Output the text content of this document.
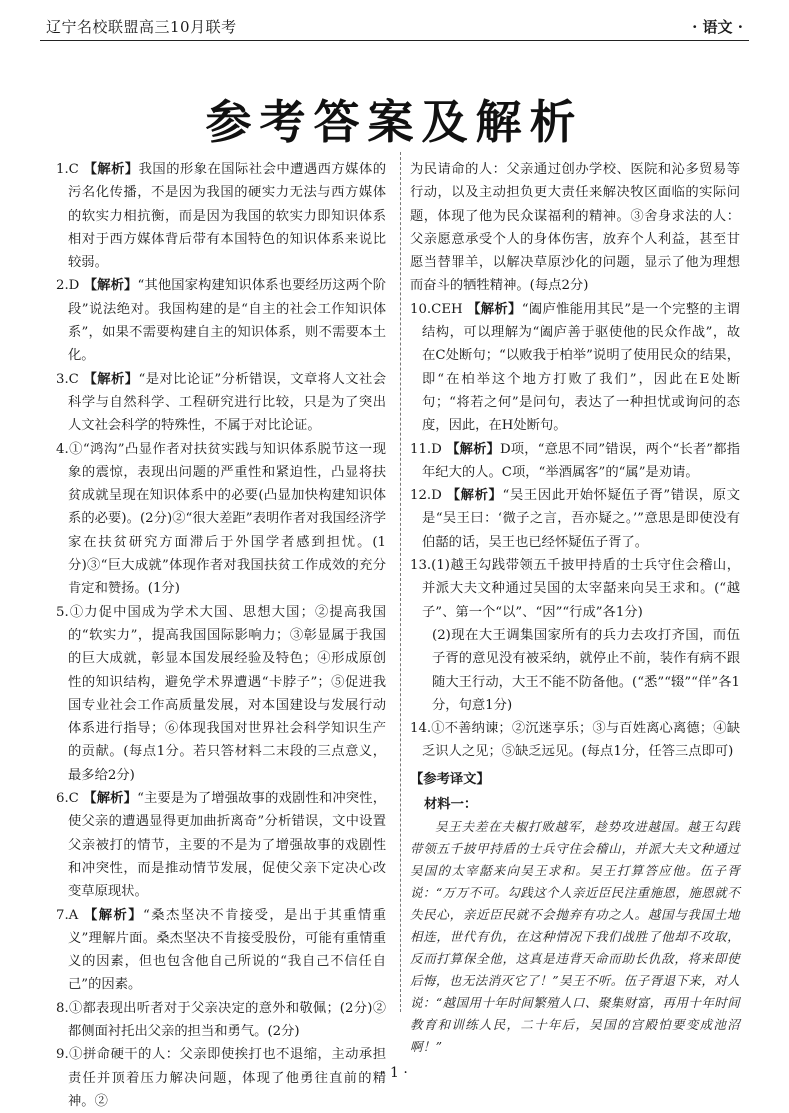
辽宁名校联盟高三10月联考	· 语文 ·
参考答案及解析

1.C 【解析】我国的形象在国际社会中遭遇西方媒体的污名化传播，不是因为我国的硬实力无法与西方媒体的软实力相抗衡，而是因为我国的软实力即知识体系相对于西方媒体背后带有本国特色的知识体系来说比较弱。

2.D 【解析】“其他国家构建知识体系也要经历这两个阶段”说法绝对。我国构建的是“自主的社会工作知识体系”，如果不需要构建自主的知识体系，则不需要本土化。

3.C 【解析】“是对比论证”分析错误，文章将人文社会科学与自然科学、工程研究进行比较，只是为了突出人文社会科学的特殊性，不属于对比论证。

4.①“鸿沟”凸显作者对扶贫实践与知识体系脱节这一现象的震惊，表现出问题的严重性和紧迫性，凸显将扶贫成就呈现在知识体系中的必要(凸显加快构建知识体系的必要)。(2分)②“很大差距”表明作者对我国经济学家在扶贫研究方面滞后于外国学者感到担忧。(1分)③“巨大成就”体现作者对我国扶贫工作成效的充分肯定和赞扬。(1分)

5.①力促中国成为学术大国、思想大国；②提高我国的“软实力”，提高我国国际影响力；③彰显属于我国的巨大成就，彰显本国发展经验及特色；④形成原创性的知识结构，避免学术界遭遇“卡脖子”；⑤促进我国专业社会工作高质量发展，对本国建设与发展行动体系进行指导；⑥体现我国对世界社会科学知识生产的贡献。(每点1分。若只答材料二末段的三点意义，最多给2分)

6.C 【解析】“主要是为了增强故事的戏剧性和冲突性，使父亲的遭遇显得更加曲折离奇”分析错误，文中设置父亲被打的情节，主要的不是为了增强故事的戏剧性和冲突性，而是推动情节发展，促使父亲下定决心改变草原现状。

7.A 【解析】“桑杰坚决不肯接受，是出于其重情重义”理解片面。桑杰坚决不肯接受股份，可能有重情重义的因素，但也包含他自己所说的“我自己不信任自己”的因素。

8.①都表现出听者对于父亲决定的意外和敬佩；(2分)②都侧面衬托出父亲的担当和勇气。(2分)

9.①拼命硬干的人：父亲即使挨打也不退缩，主动承担责任并顶着压力解决问题，体现了他勇往直前的精神。②

为民请命的人：父亲通过创办学校、医院和沁多贸易等行动，以及主动担负更大责任来解决牧区面临的实际问题，体现了他为民众谋福利的精神。③舍身求法的人：父亲愿意承受个人的身体伤害，放弃个人利益，甚至甘愿当替罪羊，以解决草原沙化的问题，显示了他为理想而奋斗的牺牲精神。(每点2分)

10.CEH 【解析】“阖庐惟能用其民”是一个完整的主谓结构，可以理解为“阖庐善于驱使他的民众作战”，故在C处断句；“以败我于柏举”说明了使用民众的结果，即“在柏举这个地方打败了我们”，因此在E处断句；“将若之何”是问句，表达了一种担忧或询问的态度，因此，在H处断句。

11.D 【解析】D项，“意思不同”错误，两个“长者”都指年纪大的人。C项，“举酒属客”的“属”是劝请。

12.D 【解析】“吴王因此开始怀疑伍子胥”错误，原文是“吴王曰：‘微子之言，吾亦疑之。’”意思是即使没有伯嚭的话，吴王也已经怀疑伍子胥了。

13.(1)越王勾践带领五千披甲持盾的士兵守住会稽山，并派大夫文种通过吴国的太宰嚭来向吴王求和。(“越子”、第一个“以”、“因”“行成”各1分)

(2)现在大王调集国家所有的兵力去攻打齐国，而伍子胥的意见没有被采纳，就停止不前，装作有病不跟随大王行动，大王不能不防备他。(“悉”“辍”“佯”各1分，句意1分)

14.①不善纳谏；②沉迷享乐；③与百姓离心离德；④缺乏识人之见；⑤缺乏远见。(每点1分，任答三点即可)

【参考译文】
材料一：

吴王夫差在夫椒打败越军，趁势攻进越国。越王勾践带领五千披甲持盾的士兵守住会稽山，并派大夫文种通过吴国的太宰嚭来向吴王求和。吴王打算答应他。伍子胥说：“万万不可。勾践这个人亲近臣民注重施恩，施恩就不失民心，亲近臣民就不会抛弃有功之人。越国与我国土地相连，世代有仇，在这种情况下我们战胜了他却不攻取，反而打算保全他，这真是违背天命而助长仇敌，将来即使后悔，也无法消灭它了！”吴王不听。伍子胥退下来，对人说：“越国用十年时间繁殖人口、聚集财富，再用十年时间教育和训练人民，二十年后，吴国的宫殿怕要变成池沼啊！”

· 1 ·
